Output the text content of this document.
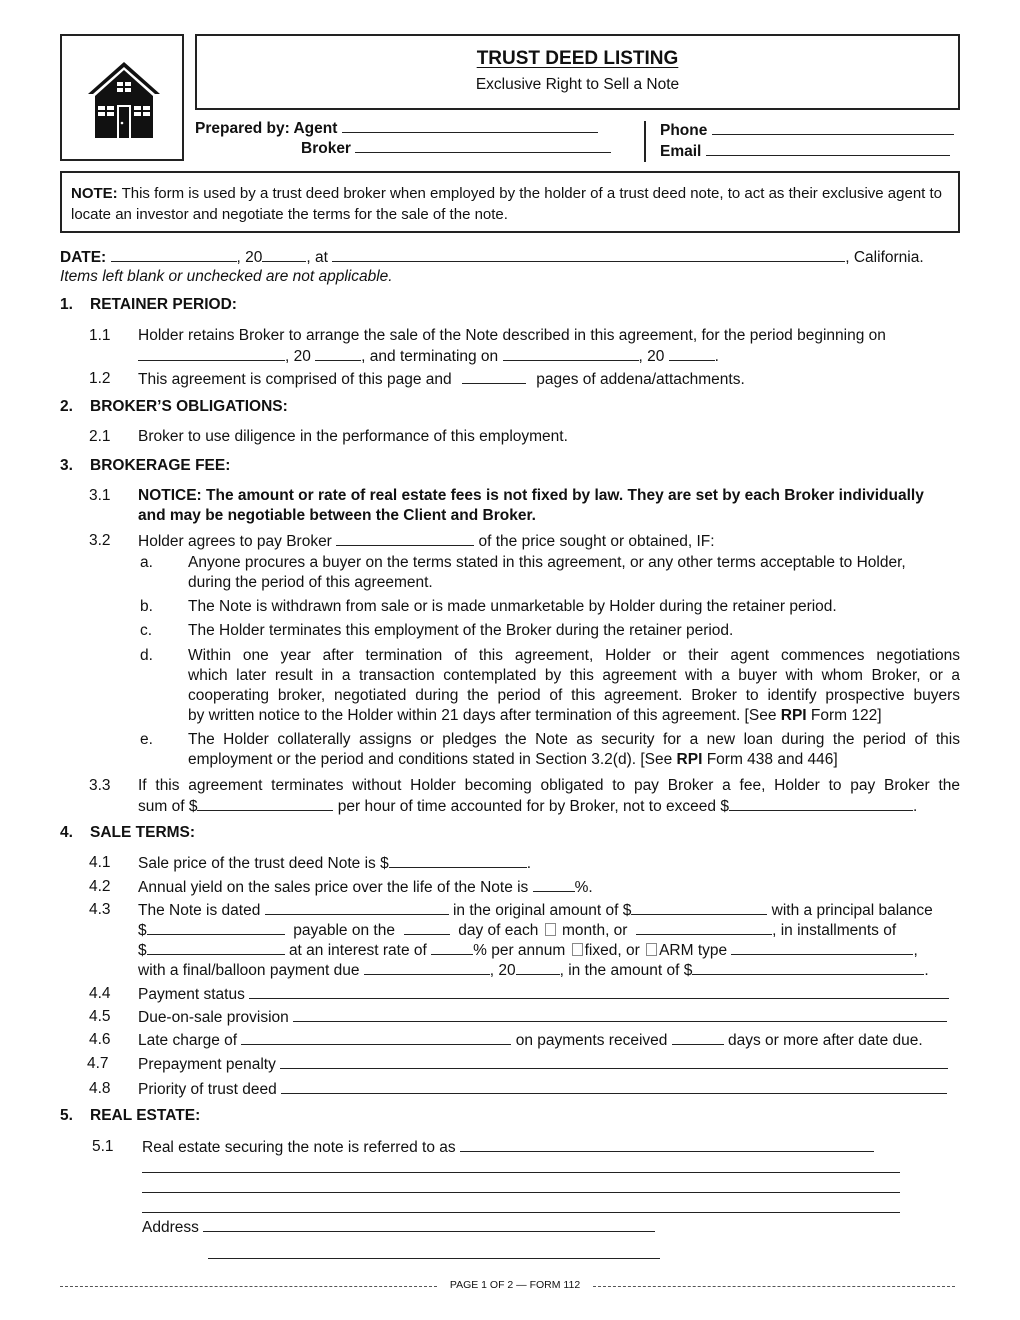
TRUST DEED LISTING
Exclusive Right to Sell a Note
Prepared by: Agent
Broker
Phone
Email
NOTE: This form is used by a trust deed broker when employed by the holder of a trust deed note, to act as their exclusive agent to locate an investor and negotiate the terms for the sale of the note.
DATE:	, 20	, at	, California.
Items left blank or unchecked are not applicable.
1. RETAINER PERIOD:
1.1 Holder retains Broker to arrange the sale of the Note described in this agreement, for the period beginning on
, 20	, and terminating on	, 20	.
1.2 This agreement is comprised of this page and	pages of addena/attachments.
2. BROKER’S OBLIGATIONS:
2.1 Broker to use diligence in the performance of this employment.
3. BROKERAGE FEE:
3.1 NOTICE: The amount or rate of real estate fees is not fixed by law. They are set by each Broker individually
and may be negotiable between the Client and Broker.
3.2 Holder agrees to pay Broker	of the price sought or obtained, IF:
a. Anyone procures a buyer on the terms stated in this agreement, or any other terms acceptable to Holder,
during the period of this agreement.
b. The Note is withdrawn from sale or is made unmarketable by Holder during the retainer period.
c. The Holder terminates this employment of the Broker during the retainer period.
d. Within one year after termination of this agreement, Holder or their agent commences negotiations
which later result in a transaction contemplated by this agreement with a buyer with whom Broker, or a
cooperating broker, negotiated during the period of this agreement. Broker to identify prospective buyers
by written notice to the Holder within 21 days after termination of this agreement. [See RPI Form 122]
e. The Holder collaterally assigns or pledges the Note as security for a new loan during the period of this
employment or the period and conditions stated in Section 3.2(d). [See RPI Form 438 and 446]
3.3 If this agreement terminates without Holder becoming obligated to pay Broker a fee, Holder to pay Broker the
sum of $	per hour of time accounted for by Broker, not to exceed $	.
4. SALE TERMS:
4.1 Sale price of the trust deed Note is $	.
4.2 Annual yield on the sales price over the life of the Note is	%.
4.3 The Note is dated	in the original amount of $	with a principal balance
$	payable on the	day of each month, or	, in installments of
$	at an interest rate of	% per annum fixed, or ARM type	,
with a final/balloon payment due	, 20	, in the amount of $	.
4.4 Payment status
4.5 Due-on-sale provision
4.6 Late charge of	on payments received	days or more after date due.
4.7 Prepayment penalty
4.8 Priority of trust deed
5. REAL ESTATE:
5.1 Real estate securing the note is referred to as
Address
PAGE 1 OF 2 — FORM 112
